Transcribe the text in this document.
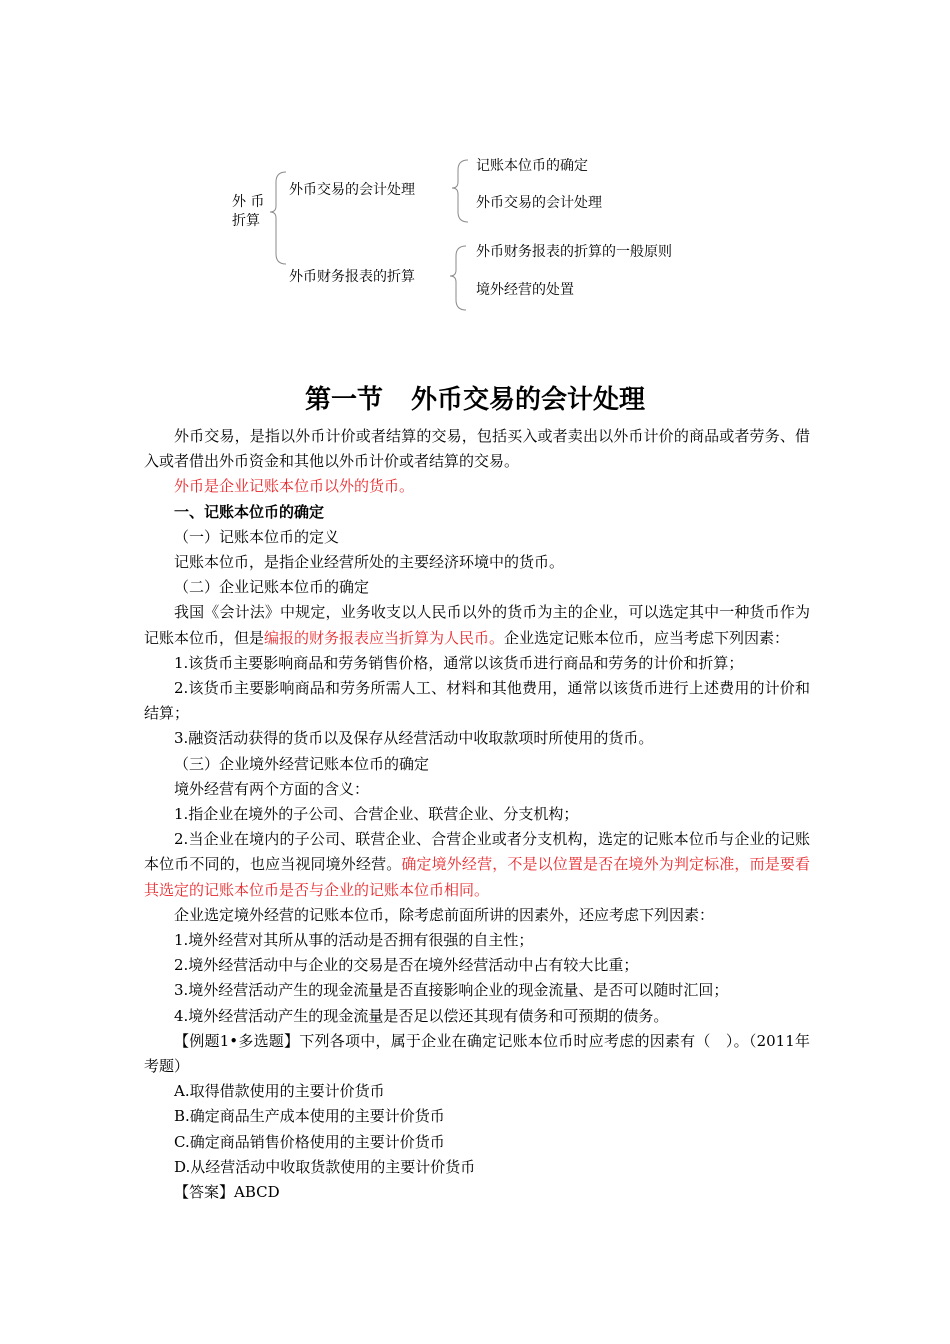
外 币
折算
外币交易的会计处理
记账本位币的确定
外币交易的会计处理
外币财务报表的折算
外币财务报表的折算的一般原则
境外经营的处置
第一节 外币交易的会计处理

外币交易，是指以外币计价或者结算的交易，包括买入或者卖出以外币计价的商品或者劳务、借入或者借出外币资金和其他以外币计价或者结算的交易。

外币是企业记账本位币以外的货币。

一、记账本位币的确定

（一）记账本位币的定义

记账本位币，是指企业经营所处的主要经济环境中的货币。

（二）企业记账本位币的确定

我国《会计法》中规定，业务收支以人民币以外的货币为主的企业，可以选定其中一种货币作为记账本位币，但是编报的财务报表应当折算为人民币。企业选定记账本位币，应当考虑下列因素：

1.该货币主要影响商品和劳务销售价格，通常以该货币进行商品和劳务的计价和折算；

2.该货币主要影响商品和劳务所需人工、材料和其他费用，通常以该货币进行上述费用的计价和结算；

3.融资活动获得的货币以及保存从经营活动中收取款项时所使用的货币。

（三）企业境外经营记账本位币的确定

境外经营有两个方面的含义：

1.指企业在境外的子公司、合营企业、联营企业、分支机构；

2.当企业在境内的子公司、联营企业、合营企业或者分支机构，选定的记账本位币与企业的记账本位币不同的，也应当视同境外经营。确定境外经营，不是以位置是否在境外为判定标准，而是要看其选定的记账本位币是否与企业的记账本位币相同。

企业选定境外经营的记账本位币，除考虑前面所讲的因素外，还应考虑下列因素：

1.境外经营对其所从事的活动是否拥有很强的自主性；

2.境外经营活动中与企业的交易是否在境外经营活动中占有较大比重；

3.境外经营活动产生的现金流量是否直接影响企业的现金流量、是否可以随时汇回；

4.境外经营活动产生的现金流量是否足以偿还其现有债务和可预期的债务。

【例题1•多选题】下列各项中，属于企业在确定记账本位币时应考虑的因素有（　）。（2011年考题）

A.取得借款使用的主要计价货币

B.确定商品生产成本使用的主要计价货币

C.确定商品销售价格使用的主要计价货币

D.从经营活动中收取货款使用的主要计价货币

【答案】ABCD
